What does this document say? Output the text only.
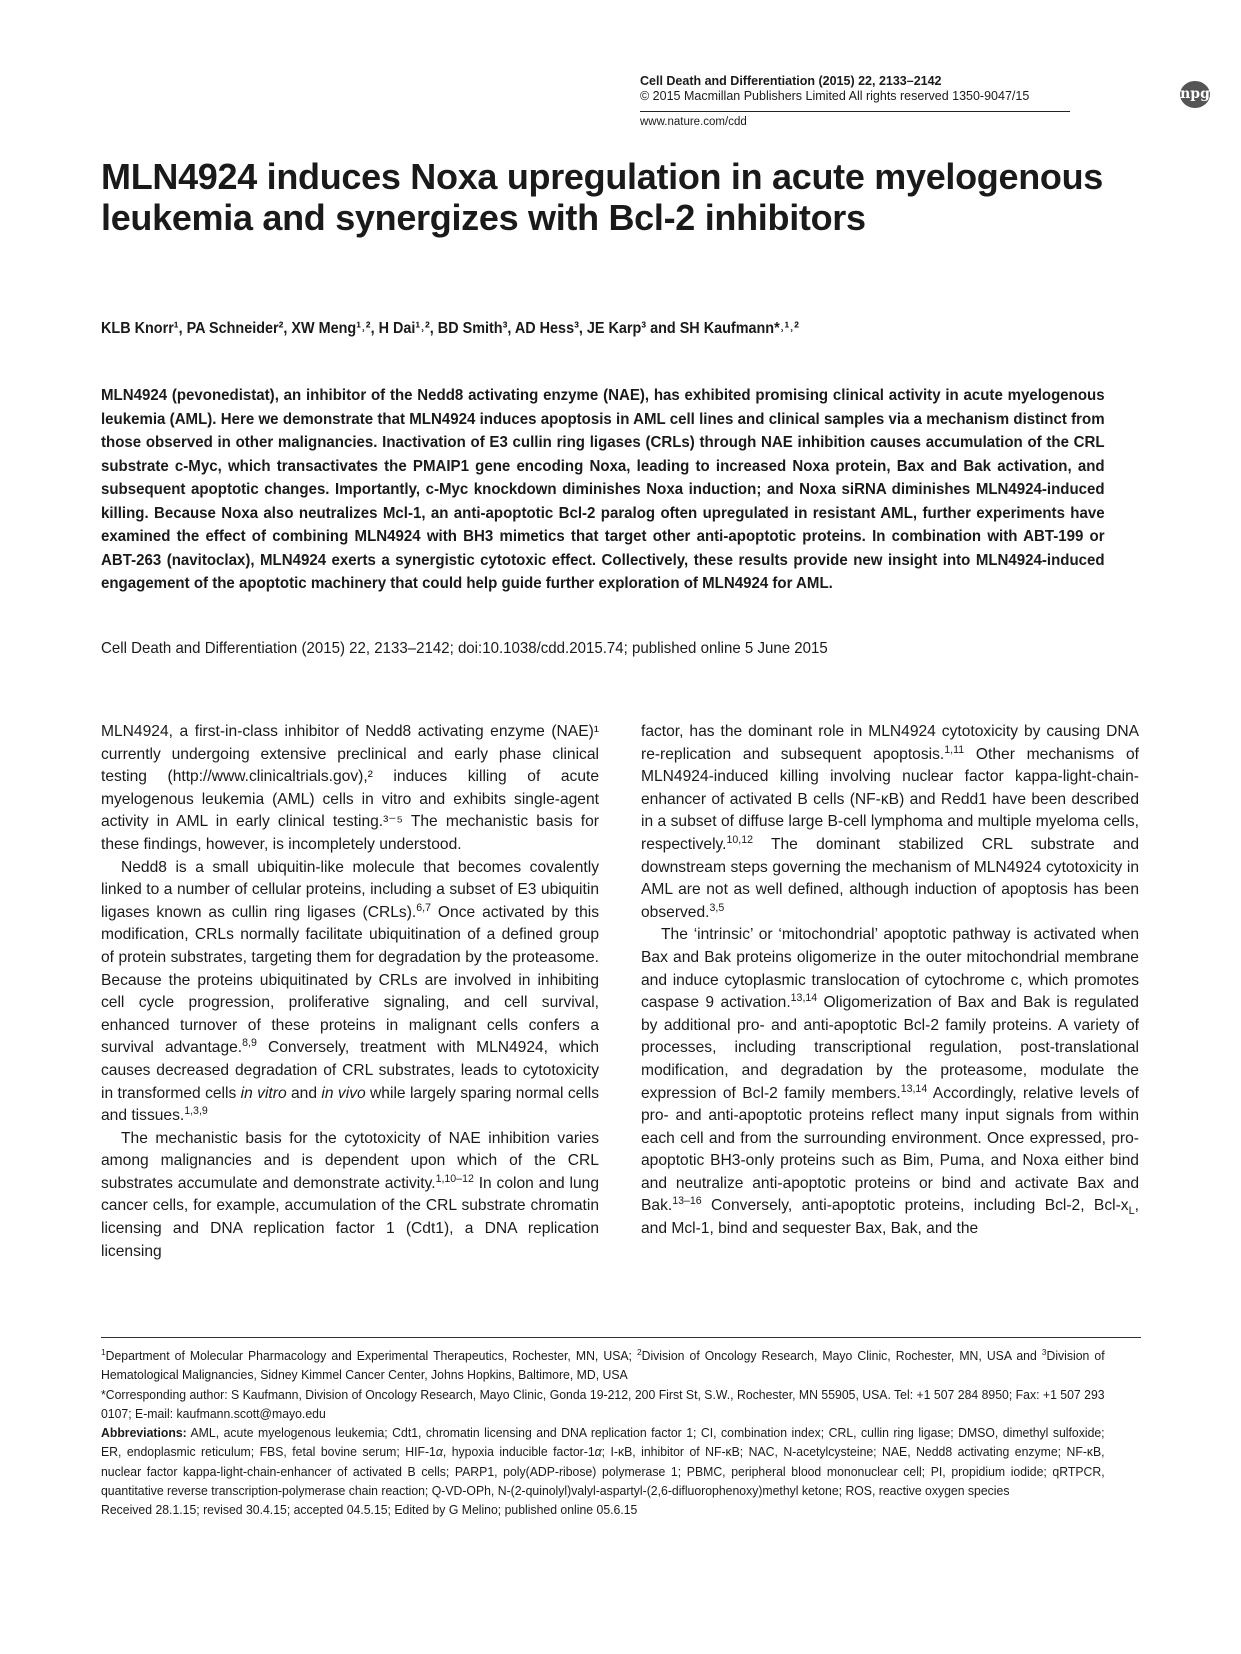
Cell Death and Differentiation (2015) 22, 2133–2142
© 2015 Macmillan Publishers Limited All rights reserved 1350-9047/15
www.nature.com/cdd
npg
MLN4924 induces Noxa upregulation in acute myelogenous leukemia and synergizes with Bcl-2 inhibitors
KLB Knorr¹, PA Schneider², XW Meng¹˒², H Dai¹˒², BD Smith³, AD Hess³, JE Karp³ and SH Kaufmann*˒¹˒²
MLN4924 (pevonedistat), an inhibitor of the Nedd8 activating enzyme (NAE), has exhibited promising clinical activity in acute myelogenous leukemia (AML). Here we demonstrate that MLN4924 induces apoptosis in AML cell lines and clinical samples via a mechanism distinct from those observed in other malignancies. Inactivation of E3 cullin ring ligases (CRLs) through NAE inhibition causes accumulation of the CRL substrate c-Myc, which transactivates the PMAIP1 gene encoding Noxa, leading to increased Noxa protein, Bax and Bak activation, and subsequent apoptotic changes. Importantly, c-Myc knockdown diminishes Noxa induction; and Noxa siRNA diminishes MLN4924-induced killing. Because Noxa also neutralizes Mcl-1, an anti-apoptotic Bcl-2 paralog often upregulated in resistant AML, further experiments have examined the effect of combining MLN4924 with BH3 mimetics that target other anti-apoptotic proteins. In combination with ABT-199 or ABT-263 (navitoclax), MLN4924 exerts a synergistic cytotoxic effect. Collectively, these results provide new insight into MLN4924-induced engagement of the apoptotic machinery that could help guide further exploration of MLN4924 for AML.
Cell Death and Differentiation (2015) 22, 2133–2142; doi:10.1038/cdd.2015.74; published online 5 June 2015

MLN4924, a first-in-class inhibitor of Nedd8 activating enzyme (NAE)¹ currently undergoing extensive preclinical and early phase clinical testing (http://www.clinicaltrials.gov),² induces killing of acute myelogenous leukemia (AML) cells in vitro and exhibits single-agent activity in AML in early clinical testing.³⁻⁵ The mechanistic basis for these findings, however, is incompletely understood.

Nedd8 is a small ubiquitin-like molecule that becomes covalently linked to a number of cellular proteins, including a subset of E3 ubiquitin ligases known as cullin ring ligases (CRLs).$^{6,7}$ Once activated by this modification, CRLs normally facilitate ubiquitination of a defined group of protein substrates, targeting them for degradation by the proteasome. Because the proteins ubiquitinated by CRLs are involved in inhibiting cell cycle progression, proliferative signaling, and cell survival, enhanced turnover of these proteins in malignant cells confers a survival advantage.$^{8,9}$ Conversely, treatment with MLN4924, which causes decreased degradation of CRL substrates, leads to cytotoxicity in transformed cells in vitro and in vivo while largely sparing normal cells and tissues.$^{1,3,9}$

The mechanistic basis for the cytotoxicity of NAE inhibition varies among malignancies and is dependent upon which of the CRL substrates accumulate and demonstrate activity.$^{1,10-12}$ In colon and lung cancer cells, for example, accumulation of the CRL substrate chromatin licensing and DNA replication factor 1 (Cdt1), a DNA replication licensing

factor, has the dominant role in MLN4924 cytotoxicity by causing DNA re-replication and subsequent apoptosis.$^{1,11}$ Other mechanisms of MLN4924-induced killing involving nuclear factor kappa-light-chain-enhancer of activated B cells (NF-κB) and Redd1 have been described in a subset of diffuse large B-cell lymphoma and multiple myeloma cells, respectively.$^{10,12}$ The dominant stabilized CRL substrate and downstream steps governing the mechanism of MLN4924 cytotoxicity in AML are not as well defined, although induction of apoptosis has been observed.$^{3,5}$

The ‘intrinsic’ or ‘mitochondrial’ apoptotic pathway is activated when Bax and Bak proteins oligomerize in the outer mitochondrial membrane and induce cytoplasmic translocation of cytochrome c, which promotes caspase 9 activation.$^{13,14}$ Oligomerization of Bax and Bak is regulated by additional pro- and anti-apoptotic Bcl-2 family proteins. A variety of processes, including transcriptional regulation, post-translational modification, and degradation by the proteasome, modulate the expression of Bcl-2 family members.$^{13,14}$ Accordingly, relative levels of pro- and anti-apoptotic proteins reflect many input signals from within each cell and from the surrounding environment. Once expressed, pro-apoptotic BH3-only proteins such as Bim, Puma, and Noxa either bind and neutralize anti-apoptotic proteins or bind and activate Bax and Bak.$^{13-16}$ Conversely, anti-apoptotic proteins, including Bcl-2, Bcl-$x_L$, and Mcl-1, bind and sequester Bax, Bak, and the

$^1$Department of Molecular Pharmacology and Experimental Therapeutics, Rochester, MN, USA; $^2$Division of Oncology Research, Mayo Clinic, Rochester, MN, USA and $^3$Division of Hematological Malignancies, Sidney Kimmel Cancer Center, Johns Hopkins, Baltimore, MD, USA

*Corresponding author: S Kaufmann, Division of Oncology Research, Mayo Clinic, Gonda 19-212, 200 First St, S.W., Rochester, MN 55905, USA. Tel: +1 507 284 8950; Fax: +1 507 293 0107; E-mail: kaufmann.scott@mayo.edu

Abbreviations: AML, acute myelogenous leukemia; Cdt1, chromatin licensing and DNA replication factor 1; CI, combination index; CRL, cullin ring ligase; DMSO, dimethyl sulfoxide; ER, endoplasmic reticulum; FBS, fetal bovine serum; HIF-1α, hypoxia inducible factor-1α; I-κB, inhibitor of NF-κB; NAC, N-acetylcysteine; NAE, Nedd8 activating enzyme; NF-κB, nuclear factor kappa-light-chain-enhancer of activated B cells; PARP1, poly(ADP-ribose) polymerase 1; PBMC, peripheral blood mononuclear cell; PI, propidium iodide; qRTPCR, quantitative reverse transcription-polymerase chain reaction; Q-VD-OPh, N-(2-quinolyl)valyl-aspartyl-(2,6-difluorophenoxy)methyl ketone; ROS, reactive oxygen species

Received 28.1.15; revised 30.4.15; accepted 04.5.15; Edited by G Melino; published online 05.6.15
